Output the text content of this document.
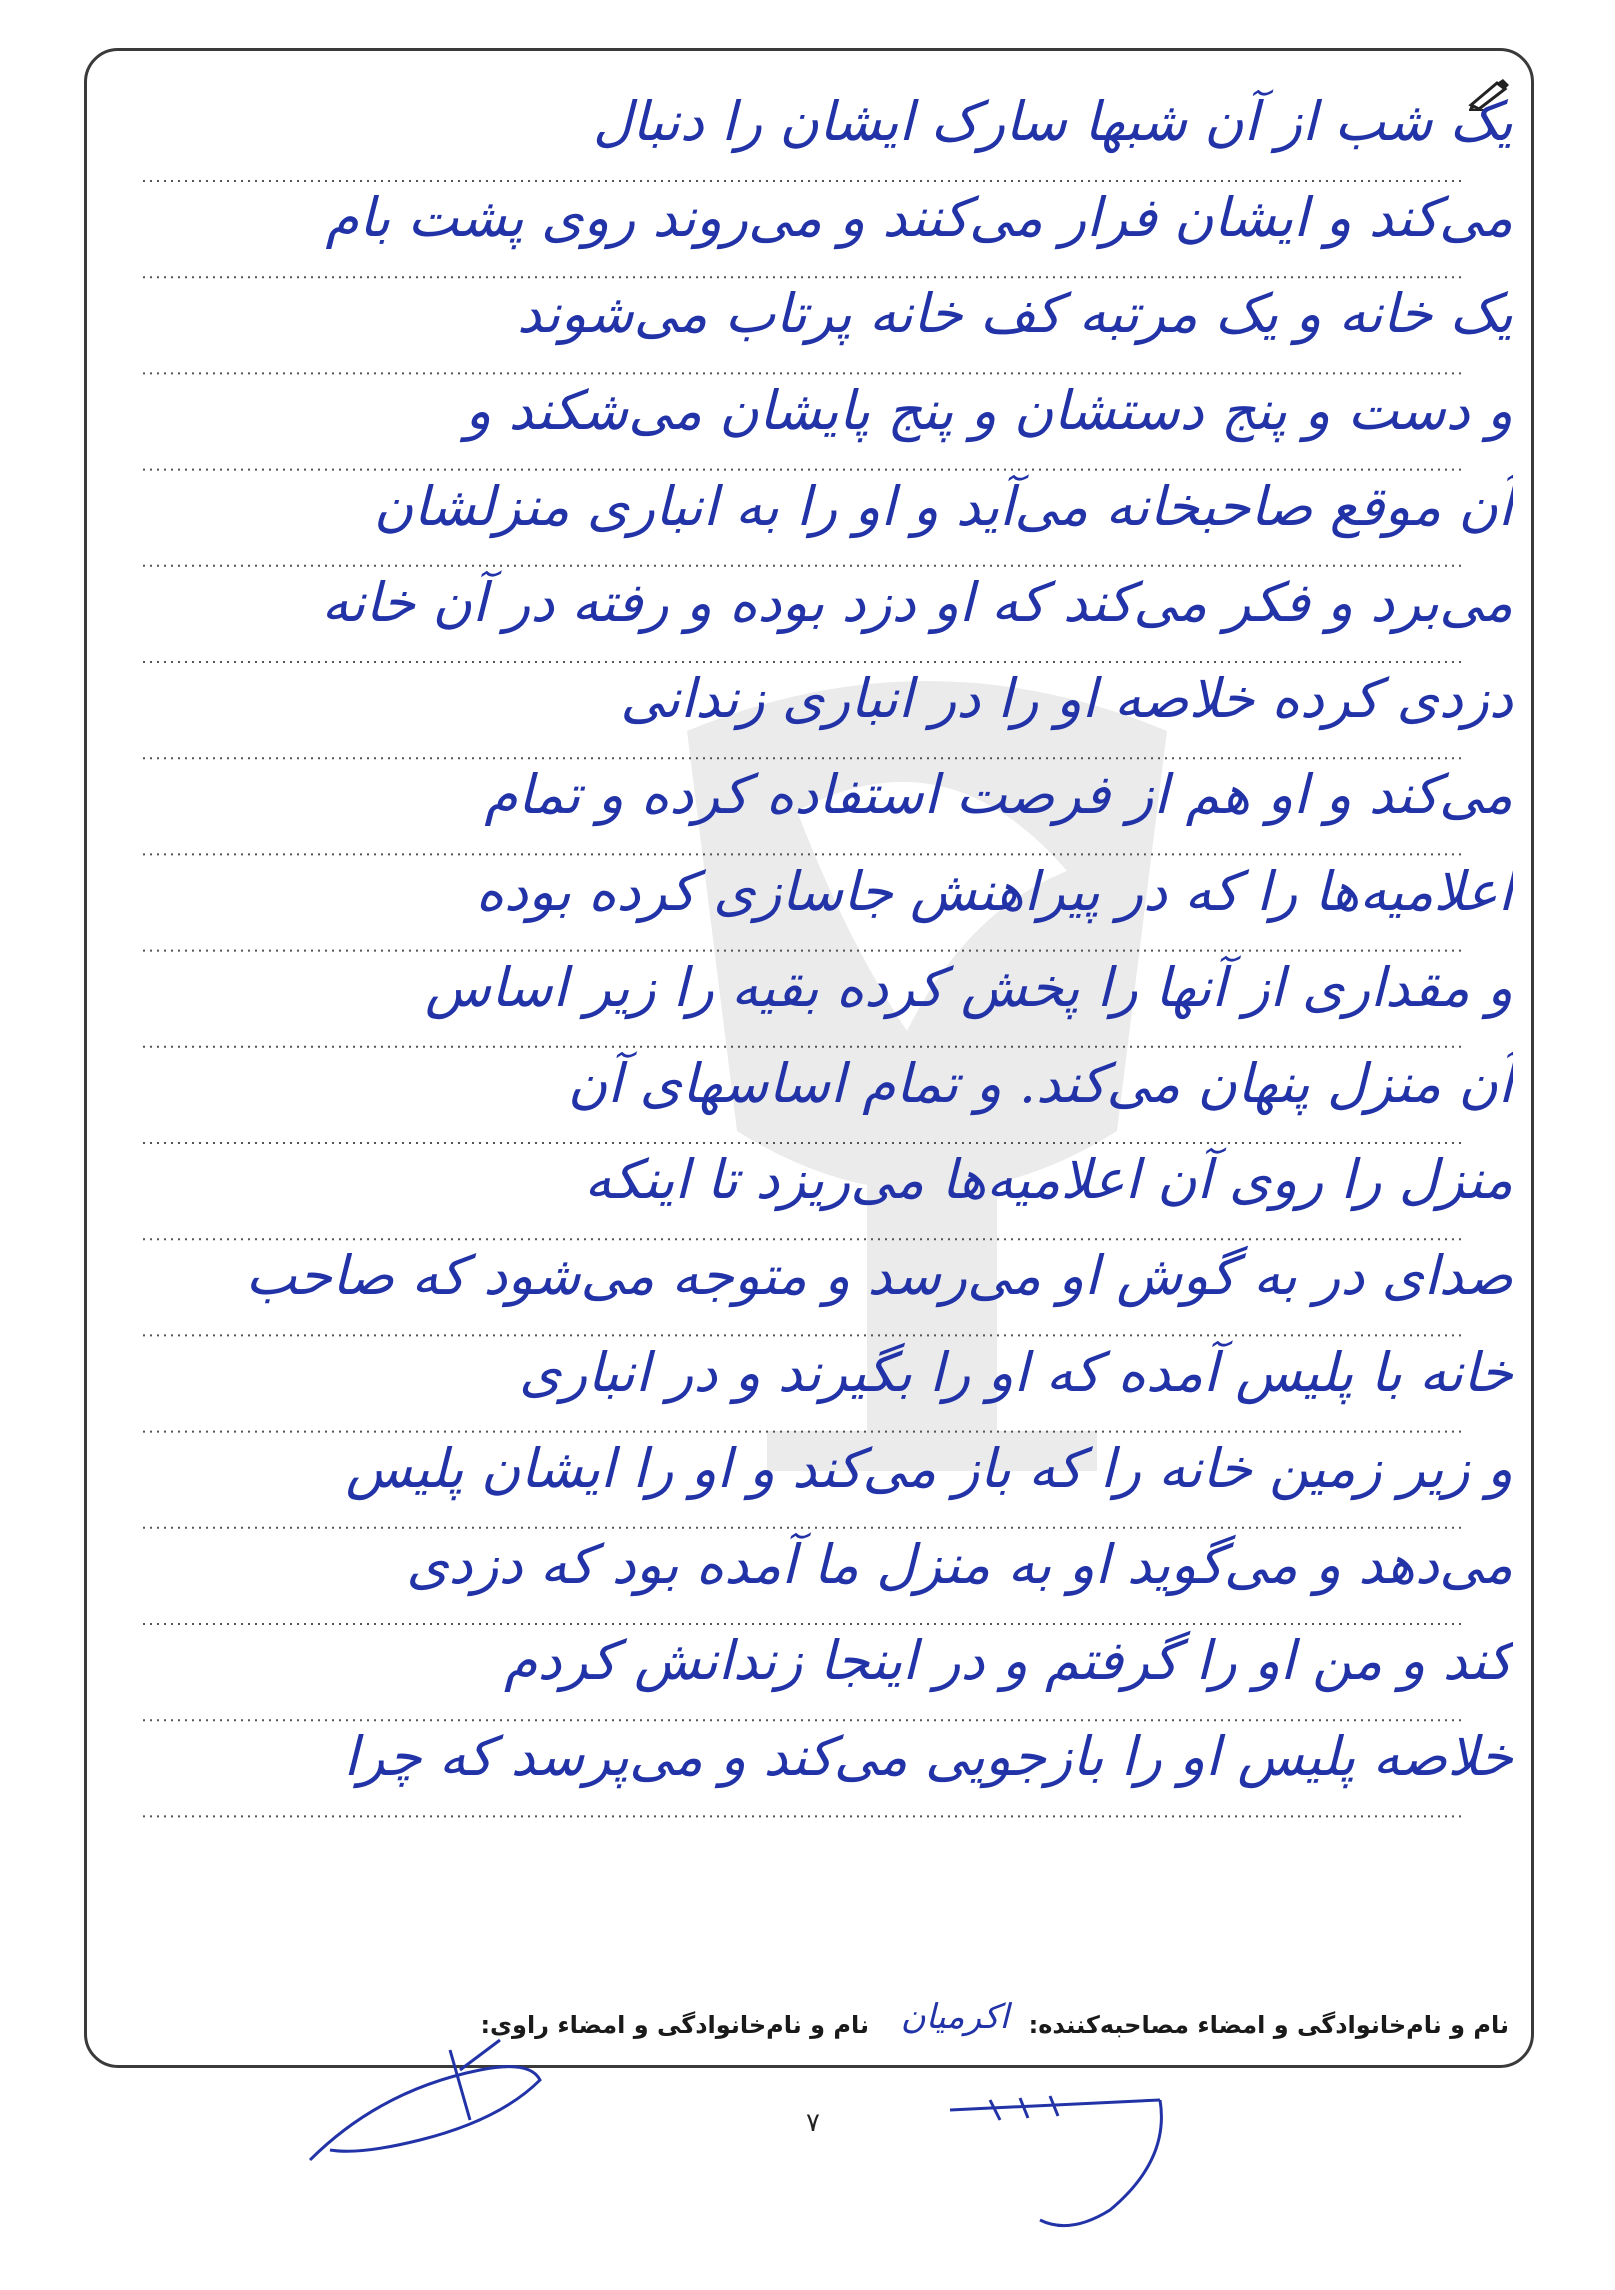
یک شب از آن شبها سارک ایشان را دنبال
می‌کند و ایشان فرار می‌کنند و می‌روند روی پشت بام
یک خانه و یک مرتبه کف خانه پرتاب می‌شوند
و دست و پنج دستشان و پنج پایشان می‌شکند و
آن موقع صاحبخانه می‌آید و او را به انباری منزلشان
می‌برد و فکر می‌کند که او دزد بوده و رفته در آن خانه
دزدی کرده خلاصه او را در انباری زندانی
می‌کند و او هم از فرصت استفاده کرده و تمام
اعلامیه‌ها را که در پیراهنش جاسازی کرده بوده
و مقداری از آنها را پخش کرده بقیه را زیر اساس
آن منزل پنهان می‌کند. و تمام اساسهای آن
منزل را روی آن اعلامیه‌ها می‌ریزد تا اینکه
صدای در به گوش او می‌رسد و متوجه می‌شود که صاحب
خانه با پلیس آمده که او را بگیرند و در انباری
و زیر زمین خانه را که باز می‌کند و او را ایشان پلیس
می‌دهد و می‌گوید او به منزل ما آمده بود که دزدی
کند و من او را گرفتم و در اینجا زندانش کردم
خلاصه پلیس او را بازجویی می‌کند و می‌پرسد که چرا
نام و نام‌خانوادگی و امضاء مصاحبه‌کننده:
اکرمیان
نام و نام‌خانوادگی و امضاء راوی:
۷
